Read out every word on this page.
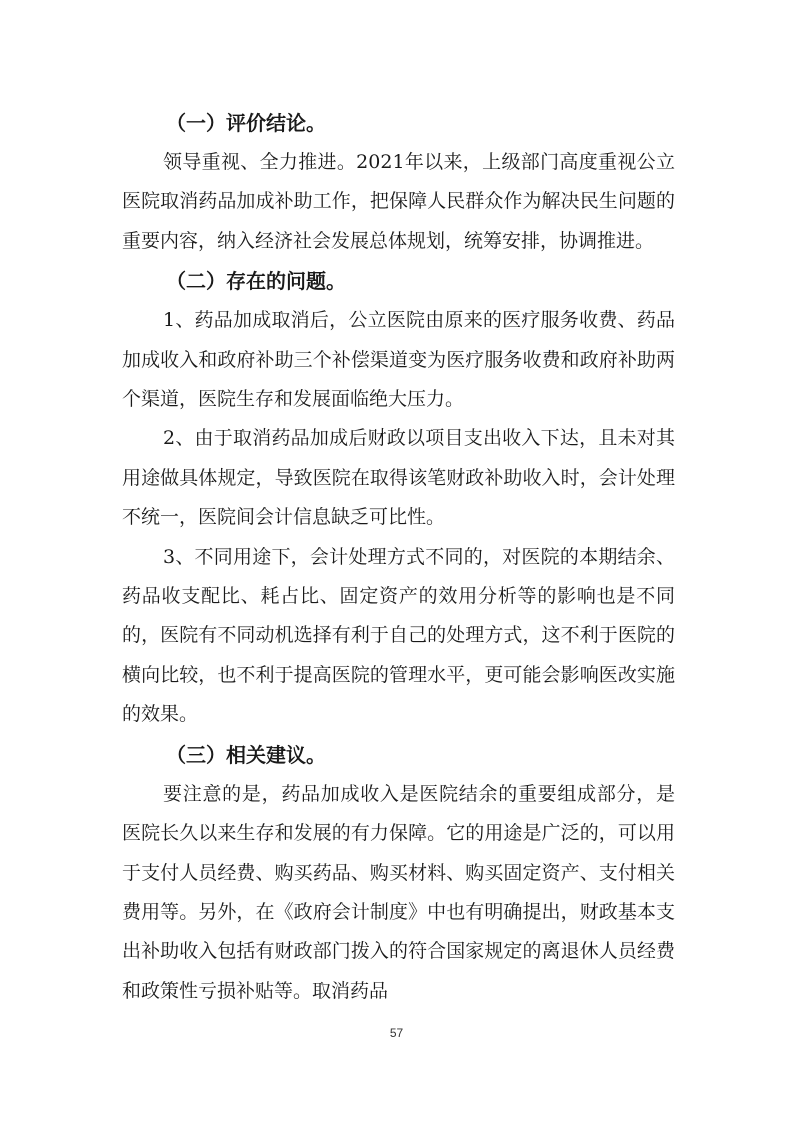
（一）评价结论。

领导重视、全力推进。2021年以来，上级部门高度重视公立医院取消药品加成补助工作，把保障人民群众作为解决民生问题的重要内容，纳入经济社会发展总体规划，统筹安排，协调推进。

（二）存在的问题。

1、药品加成取消后，公立医院由原来的医疗服务收费、药品加成收入和政府补助三个补偿渠道变为医疗服务收费和政府补助两个渠道，医院生存和发展面临绝大压力。

2、由于取消药品加成后财政以项目支出收入下达，且未对其用途做具体规定，导致医院在取得该笔财政补助收入时，会计处理不统一，医院间会计信息缺乏可比性。

3、不同用途下，会计处理方式不同的，对医院的本期结余、药品收支配比、耗占比、固定资产的效用分析等的影响也是不同的，医院有不同动机选择有利于自己的处理方式，这不利于医院的横向比较，也不利于提高医院的管理水平，更可能会影响医改实施的效果。

（三）相关建议。

要注意的是，药品加成收入是医院结余的重要组成部分，是医院长久以来生存和发展的有力保障。它的用途是广泛的，可以用于支付人员经费、购买药品、购买材料、购买固定资产、支付相关费用等。另外，在《政府会计制度》中也有明确提出，财政基本支出补助收入包括有财政部门拨入的符合国家规定的离退休人员经费和政策性亏损补贴等。取消药品

57
